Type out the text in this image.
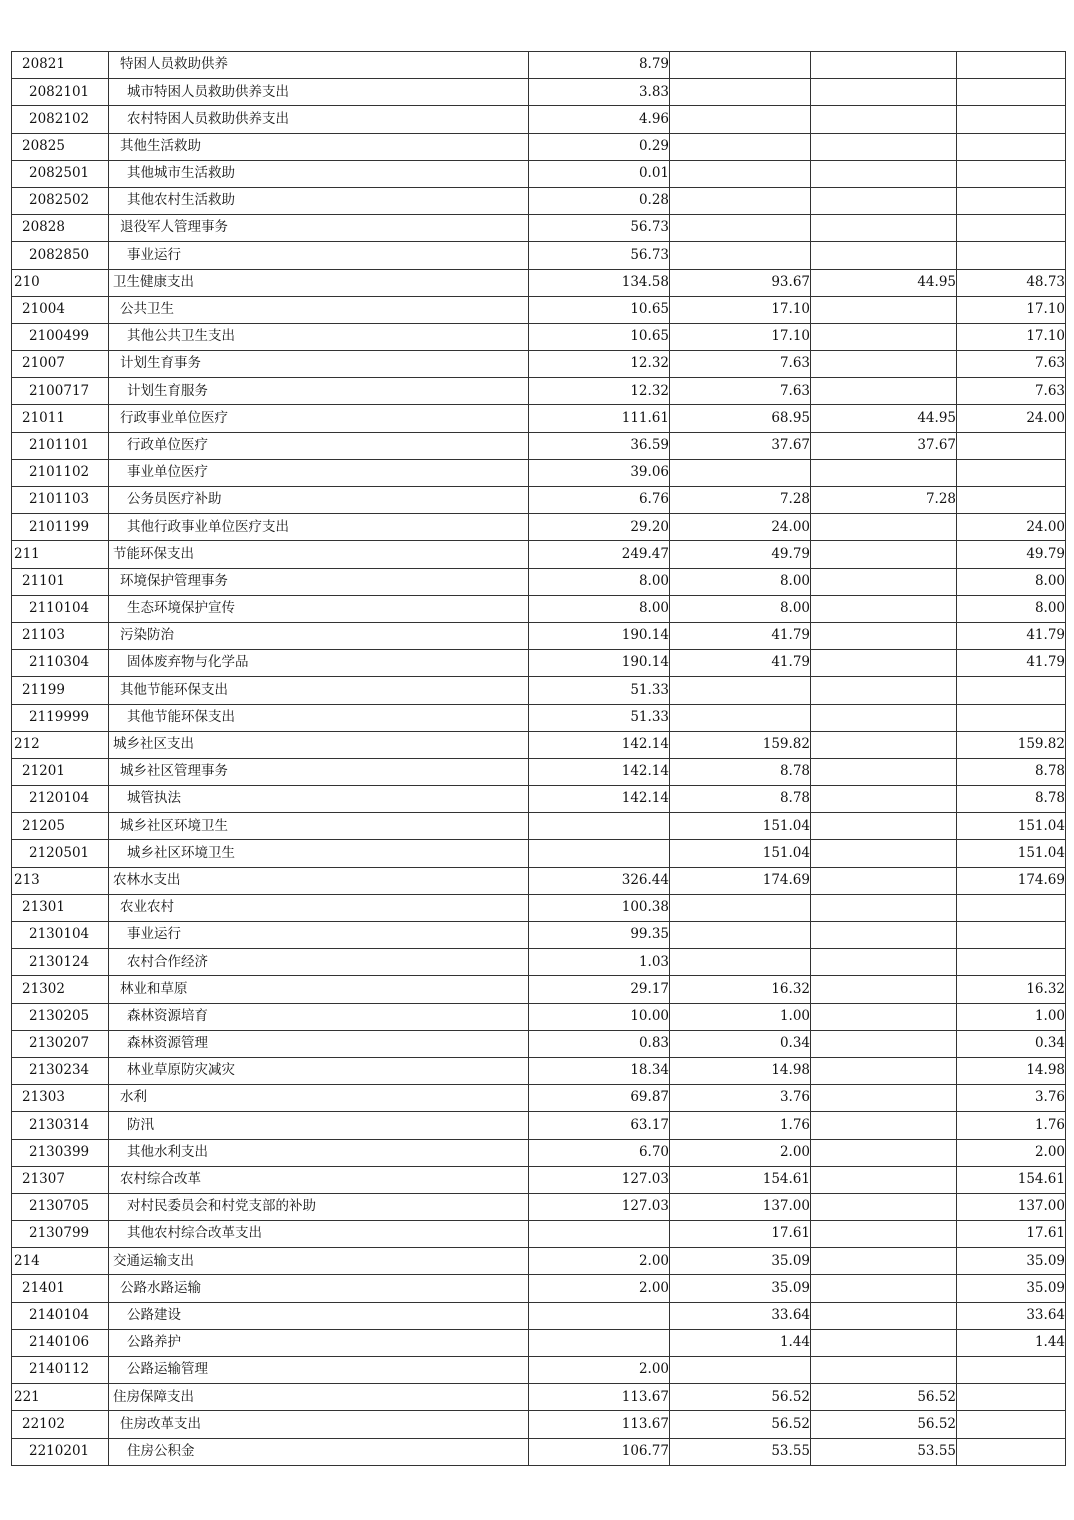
20821	特困人员救助供养	8.79			
2082101	城市特困人员救助供养支出	3.83			
2082102	农村特困人员救助供养支出	4.96			
20825	其他生活救助	0.29			
2082501	其他城市生活救助	0.01			
2082502	其他农村生活救助	0.28			
20828	退役军人管理事务	56.73			
2082850	事业运行	56.73			
210	卫生健康支出	134.58	93.67	44.95	48.73
21004	公共卫生	10.65	17.10		17.10
2100499	其他公共卫生支出	10.65	17.10		17.10
21007	计划生育事务	12.32	7.63		7.63
2100717	计划生育服务	12.32	7.63		7.63
21011	行政事业单位医疗	111.61	68.95	44.95	24.00
2101101	行政单位医疗	36.59	37.67	37.67	
2101102	事业单位医疗	39.06			
2101103	公务员医疗补助	6.76	7.28	7.28	
2101199	其他行政事业单位医疗支出	29.20	24.00		24.00
211	节能环保支出	249.47	49.79		49.79
21101	环境保护管理事务	8.00	8.00		8.00
2110104	生态环境保护宣传	8.00	8.00		8.00
21103	污染防治	190.14	41.79		41.79
2110304	固体废弃物与化学品	190.14	41.79		41.79
21199	其他节能环保支出	51.33			
2119999	其他节能环保支出	51.33			
212	城乡社区支出	142.14	159.82		159.82
21201	城乡社区管理事务	142.14	8.78		8.78
2120104	城管执法	142.14	8.78		8.78
21205	城乡社区环境卫生		151.04		151.04
2120501	城乡社区环境卫生		151.04		151.04
213	农林水支出	326.44	174.69		174.69
21301	农业农村	100.38			
2130104	事业运行	99.35			
2130124	农村合作经济	1.03			
21302	林业和草原	29.17	16.32		16.32
2130205	森林资源培育	10.00	1.00		1.00
2130207	森林资源管理	0.83	0.34		0.34
2130234	林业草原防灾减灾	18.34	14.98		14.98
21303	水利	69.87	3.76		3.76
2130314	防汛	63.17	1.76		1.76
2130399	其他水利支出	6.70	2.00		2.00
21307	农村综合改革	127.03	154.61		154.61
2130705	对村民委员会和村党支部的补助	127.03	137.00		137.00
2130799	其他农村综合改革支出		17.61		17.61
214	交通运输支出	2.00	35.09		35.09
21401	公路水路运输	2.00	35.09		35.09
2140104	公路建设		33.64		33.64
2140106	公路养护		1.44		1.44
2140112	公路运输管理	2.00			
221	住房保障支出	113.67	56.52	56.52	
22102	住房改革支出	113.67	56.52	56.52	
2210201	住房公积金	106.77	53.55	53.55	
